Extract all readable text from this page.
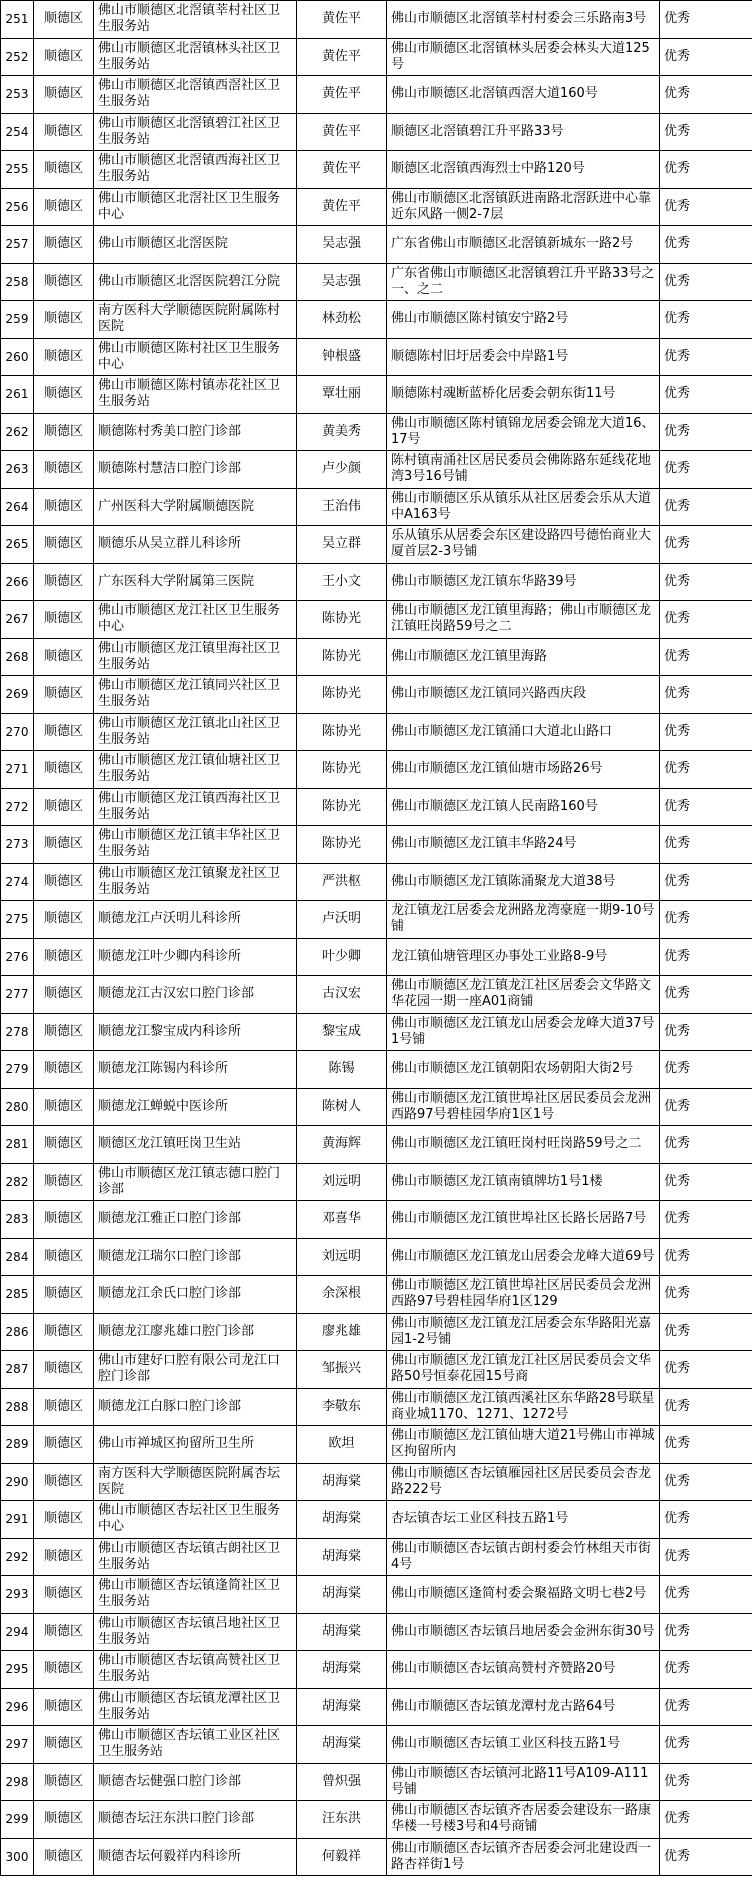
251	顺德区	佛山市顺德区北滘镇莘村社区卫生服务站	黄佐平	佛山市顺德区北滘镇莘村村委会三乐路南3号	优秀
252	顺德区	佛山市顺德区北滘镇林头社区卫生服务站	黄佐平	佛山市顺德区北滘镇林头居委会林头大道125号	优秀
253	顺德区	佛山市顺德区北滘镇西滘社区卫生服务站	黄佐平	佛山市顺德区北滘镇西滘大道160号	优秀
254	顺德区	佛山市顺德区北滘镇碧江社区卫生服务站	黄佐平	顺德区北滘镇碧江升平路33号	优秀
255	顺德区	佛山市顺德区北滘镇西海社区卫生服务站	黄佐平	顺德区北滘镇西海烈士中路120号	优秀
256	顺德区	佛山市顺德区北滘社区卫生服务中心	黄佐平	佛山市顺德区北滘镇跃进南路北滘跃进中心靠近东风路一侧2-7层	优秀
257	顺德区	佛山市顺德区北滘医院	吴志强	广东省佛山市顺德区北滘镇新城东一路2号	优秀
258	顺德区	佛山市顺德区北滘医院碧江分院	吴志强	广东省佛山市顺德区北滘镇碧江升平路33号之一、之二	优秀
259	顺德区	南方医科大学顺德医院附属陈村医院	林劲松	佛山市顺德区陈村镇安宁路2号	优秀
260	顺德区	佛山市顺德区陈村社区卫生服务中心	钟根盛	顺德陈村旧圩居委会中岸路1号	优秀
261	顺德区	佛山市顺德区陈村镇赤花社区卫生服务站	覃壮丽	顺德陈村魂断蓝桥化居委会朝东街11号	优秀
262	顺德区	顺德陈村秀美口腔门诊部	黄美秀	佛山市顺德区陈村镇锦龙居委会锦龙大道16、17号	优秀
263	顺德区	顺德陈村慧洁口腔门诊部	卢少颜	陈村镇南涌社区居民委员会佛陈路东延线花地湾3号16号铺	优秀
264	顺德区	广州医科大学附属顺德医院	王治伟	佛山市顺德区乐从镇乐从社区居委会乐从大道中A163号	优秀
265	顺德区	顺德乐从吴立群儿科诊所	吴立群	乐从镇乐从居委会东区建设路四号德怡商业大厦首层2-3号铺	优秀
266	顺德区	广东医科大学附属第三医院	王小文	佛山市顺德区龙江镇东华路39号	优秀
267	顺德区	佛山市顺德区龙江社区卫生服务中心	陈协光	佛山市顺德区龙江镇里海路；佛山市顺德区龙江镇旺岗路59号之二	优秀
268	顺德区	佛山市顺德区龙江镇里海社区卫生服务站	陈协光	佛山市顺德区龙江镇里海路	优秀
269	顺德区	佛山市顺德区龙江镇同兴社区卫生服务站	陈协光	佛山市顺德区龙江镇同兴路西庆段	优秀
270	顺德区	佛山市顺德区龙江镇北山社区卫生服务站	陈协光	佛山市顺德区龙江镇涌口大道北山路口	优秀
271	顺德区	佛山市顺德区龙江镇仙塘社区卫生服务站	陈协光	佛山市顺德区龙江镇仙塘市场路26号	优秀
272	顺德区	佛山市顺德区龙江镇西海社区卫生服务站	陈协光	佛山市顺德区龙江镇人民南路160号	优秀
273	顺德区	佛山市顺德区龙江镇丰华社区卫生服务站	陈协光	佛山市顺德区龙江镇丰华路24号	优秀
274	顺德区	佛山市顺德区龙江镇聚龙社区卫生服务站	严洪枢	佛山市顺德区龙江镇陈涌聚龙大道38号	优秀
275	顺德区	顺德龙江卢沃明儿科诊所	卢沃明	龙江镇龙江居委会龙洲路龙湾豪庭一期9-10号铺	优秀
276	顺德区	顺德龙江叶少卿内科诊所	叶少卿	龙江镇仙塘管理区办事处工业路8-9号	优秀
277	顺德区	顺德龙江古汉宏口腔门诊部	古汉宏	佛山市顺德区龙江镇龙江社区居委会文华路文华花园一期一座A01商铺	优秀
278	顺德区	顺德龙江黎宝成内科诊所	黎宝成	佛山市顺德区龙江镇龙山居委会龙峰大道37号1号铺	优秀
279	顺德区	顺德龙江陈锡内科诊所	陈锡	佛山市顺德区龙江镇朝阳农场朝阳大街2号	优秀
280	顺德区	顺德龙江蝉蜕中医诊所	陈树人	佛山市顺德区龙江镇世埠社区居民委员会龙洲西路97号碧桂园华府1区1号	优秀
281	顺德区	顺德区龙江镇旺岗卫生站	黄海辉	佛山市顺德区龙江镇旺岗村旺岗路59号之二	优秀
282	顺德区	佛山市顺德区龙江镇志德口腔门诊部	刘远明	佛山市顺德区龙江镇南镇牌坊1号1楼	优秀
283	顺德区	顺德龙江雅正口腔门诊部	邓喜华	佛山市顺德区龙江镇世埠社区长路长居路7号	优秀
284	顺德区	顺德龙江瑞尔口腔门诊部	刘远明	佛山市顺德区龙江镇龙山居委会龙峰大道69号	优秀
285	顺德区	顺德龙江余氏口腔门诊部	余深根	佛山市顺德区龙江镇世埠社区居民委员会龙洲西路97号碧桂园华府1区129	优秀
286	顺德区	顺德龙江廖兆雄口腔门诊部	廖兆雄	佛山市顺德区龙江镇龙江居委会东华路阳光嘉园1-2号铺	优秀
287	顺德区	佛山市建好口腔有限公司龙江口腔门诊部	邹振兴	佛山市顺德区龙江镇龙江社区居民委员会文华路50号恒泰花园15号商	优秀
288	顺德区	顺德龙江白豚口腔门诊部	李敬东	佛山市顺德区龙江镇西溪社区东华路28号联星商业城1170、1271、1272号	优秀
289	顺德区	佛山市禅城区拘留所卫生所	欧坦	佛山市顺德区龙江镇仙塘大道21号佛山市禅城区拘留所内	优秀
290	顺德区	南方医科大学顺德医院附属杏坛医院	胡海棠	佛山市顺德区杏坛镇雁园社区居民委员会杏龙路222号	优秀
291	顺德区	佛山市顺德区杏坛社区卫生服务中心	胡海棠	杏坛镇杏坛工业区科技五路1号	优秀
292	顺德区	佛山市顺德区杏坛镇古朗社区卫生服务站	胡海棠	佛山市顺德区杏坛镇古朗村委会竹林组天市街4号	优秀
293	顺德区	佛山市顺德区杏坛镇逢简社区卫生服务站	胡海棠	佛山市顺德区逢简村委会聚福路文明七巷2号	优秀
294	顺德区	佛山市顺德区杏坛镇吕地社区卫生服务站	胡海棠	佛山市顺德区杏坛镇吕地居委会金洲东街30号	优秀
295	顺德区	佛山市顺德区杏坛镇高赞社区卫生服务站	胡海棠	佛山市顺德区杏坛镇高赞村齐赞路20号	优秀
296	顺德区	佛山市顺德区杏坛镇龙潭社区卫生服务站	胡海棠	佛山市顺德区杏坛镇龙潭村龙古路64号	优秀
297	顺德区	佛山市顺德区杏坛镇工业区社区卫生服务站	胡海棠	佛山市顺德区杏坛镇工业区科技五路1号	优秀
298	顺德区	顺德杏坛健强口腔门诊部	曾炽强	佛山市顺德区杏坛镇河北路11号A109-A111号铺	优秀
299	顺德区	顺德杏坛汪东洪口腔门诊部	汪东洪	佛山市顺德区杏坛镇齐杏居委会建设东一路康华楼一号楼3号和4号商铺	优秀
300	顺德区	顺德杏坛何毅祥内科诊所	何毅祥	佛山市顺德区杏坛镇齐杏居委会河北建设西一路杏祥街1号	优秀
